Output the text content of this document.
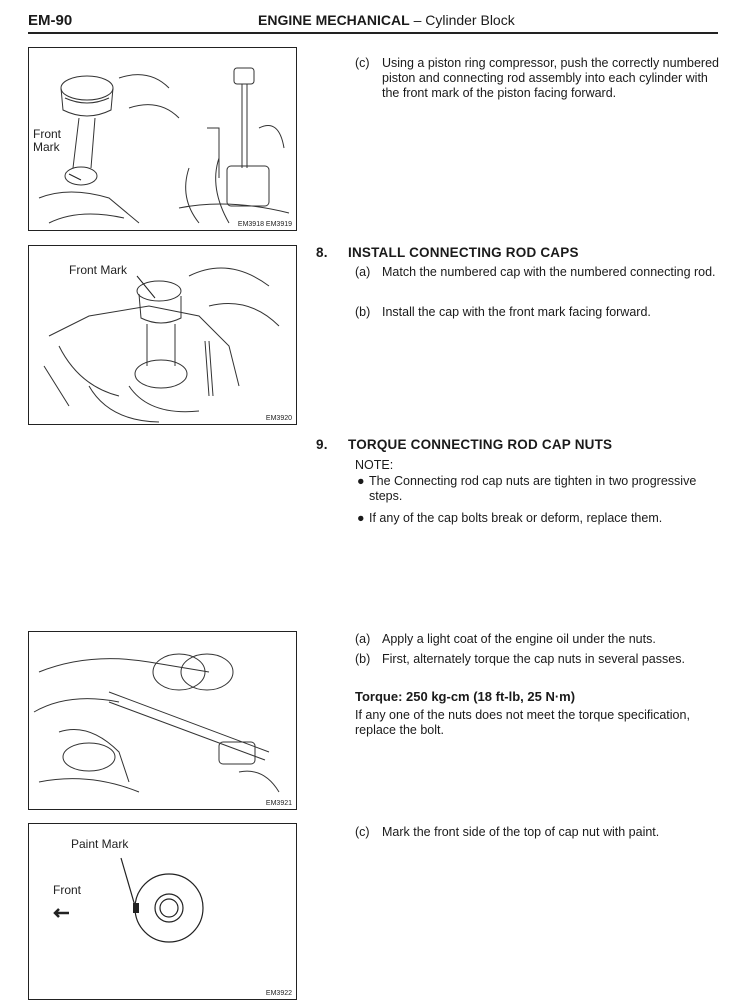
EM-90	ENGINE MECHANICAL – Cylinder Block
Front
Mark
EM3918 EM3919
Front Mark
EM3920
EM3921
Paint Mark
Front
EM3922
(c) Using a piston ring compressor, push the correctly numbered piston and connecting rod assembly into each cylinder with the front mark of the piston facing forward.
8. INSTALL CONNECTING ROD CAPS
(a) Match the numbered cap with the numbered connecting rod.
(b) Install the cap with the front mark facing forward.
9. TORQUE CONNECTING ROD CAP NUTS
NOTE:
● The Connecting rod cap nuts are tighten in two progressive steps.
● If any of the cap bolts break or deform, replace them.
(a) Apply a light coat of the engine oil under the nuts.
(b) First, alternately torque the cap nuts in several passes.
Torque: 250 kg-cm (18 ft-lb, 25 N·m)
If any one of the nuts does not meet the torque specification, replace the bolt.
(c) Mark the front side of the top of cap nut with paint.
